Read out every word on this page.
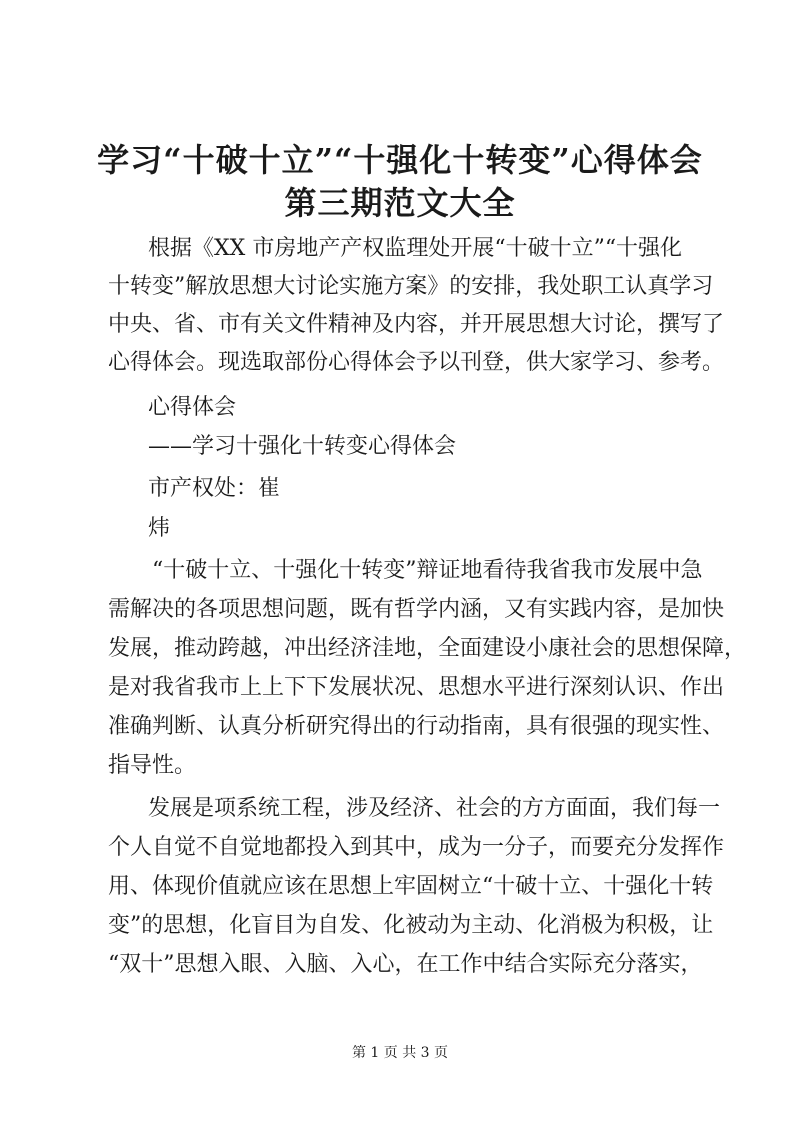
学习“十破十立”“十强化十转变”心得体会
第三期范文大全
根据《XX 市房地产产权监理处开展“十破十立”“十强化
十转变”解放思想大讨论实施方案》的安排，我处职工认真学习
中央、省、市有关文件精神及内容，并开展思想大讨论，撰写了
心得体会。现选取部份心得体会予以刊登，供大家学习、参考。
心得体会
——学习十强化十转变心得体会
市产权处：崔
炜
“十破十立、十强化十转变”辩证地看待我省我市发展中急
需解决的各项思想问题，既有哲学内涵，又有实践内容，是加快
发展，推动跨越，冲出经济洼地，全面建设小康社会的思想保障，
是对我省我市上上下下发展状况、思想水平进行深刻认识、作出
准确判断、认真分析研究得出的行动指南，具有很强的现实性、
指导性。
发展是项系统工程，涉及经济、社会的方方面面，我们每一
个人自觉不自觉地都投入到其中，成为一分子，而要充分发挥作
用、体现价值就应该在思想上牢固树立“十破十立、十强化十转
变”的思想，化盲目为自发、化被动为主动、化消极为积极，让
“双十”思想入眼、入脑、入心，在工作中结合实际充分落实，
第 1 页 共 3 页
